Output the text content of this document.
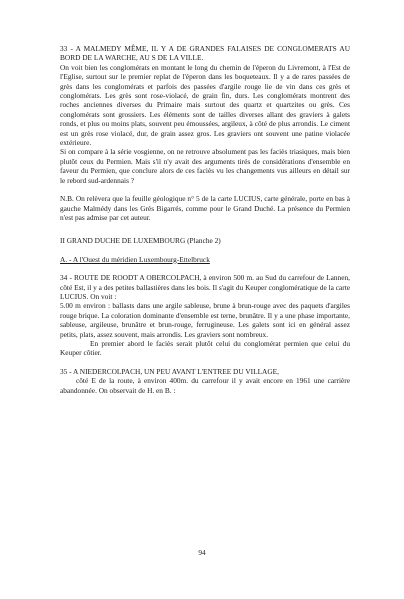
33 - A MALMEDY MÊME, IL Y A DE GRANDES FALAISES DE CONGLOMERATS AU BORD DE LA WARCHE, AU S DE LA VILLE.

On voit bien les conglomérats en montant le long du chemin de l'éperon du Livremont, à l'Est de l'Eglise, surtout sur le premier replat de l'éperon dans les boqueteaux. Il y a de rares passées de grès dans les conglomérats et parfois des passées d'argile rouge lie de vin dans ces grès et conglomérats. Les grès sont rose-violacé, de grain fin, durs. Les conglomérats montrent des roches anciennes diverses du Primaire mais surtout des quartz et quartzites ou grès. Ces conglomérats sont grossiers. Les éléments sont de tailles diverses allant des graviers à galets ronds, et plus ou moins plats, souvent peu émoussées, argileux, à côté de plus arrondis. Le ciment est un grès rose violacé, dur, de grain assez gros. Les graviers ont souvent une patine violacée extérieure.

Si on compare à la série vosgienne, on ne retrouve absolument pas les faciès triasiques, mais bien plutôt ceux du Permien. Mais s'il n'y avait des arguments tirés de considérations d'ensemble en faveur du Permien, que conclure alors de ces faciès vu les changements vus ailleurs en détail sur le rebord sud-ardennais ?

N.B. On relèvera que la feuille géologique n° 5 de la carte LUCIUS, carte générale, porte en bas à gauche Malmédy dans les Grès Bigarrés, comme pour le Grand Duché. La présence du Permien n'est pas admise par cet auteur.

II GRAND DUCHE DE LUXEMBOURG (Planche 2)

A. - A l'Ouest du méridien Luxembourg-Ettelbruck

34 - ROUTE DE ROODT A OBERCOLPACH, à environ 500 m. au Sud du carrefour de Lannen, côté Est, il y a des petites ballastières dans les bois. Il s'agit du Keuper conglomératique de la carte LUCIUS. On voit :

5.00 m environ : ballasts dans une argile sableuse, brune à brun-rouge avec des paquets d'argiles rouge brique. La coloration dominante d'ensemble est terne, brunâtre. Il y a une phase importante, sableuse, argileuse, brunâtre et brun-rouge, ferrugineuse. Les galets sont ici en général assez petits, plats, assez souvent, mais arrondis. Les graviers sont nombreux.

En premier abord le faciès serait plutôt celui du conglomérat permien que celui du Keuper côtier.

35 - A NIEDERCOLPACH, UN PEU AVANT L'ENTREE DU VILLAGE,

côté E de la route, à environ 400m. du carrefour il y avait encore en 1961 une carrière abandonnée. On observait de H. en B. :

94
